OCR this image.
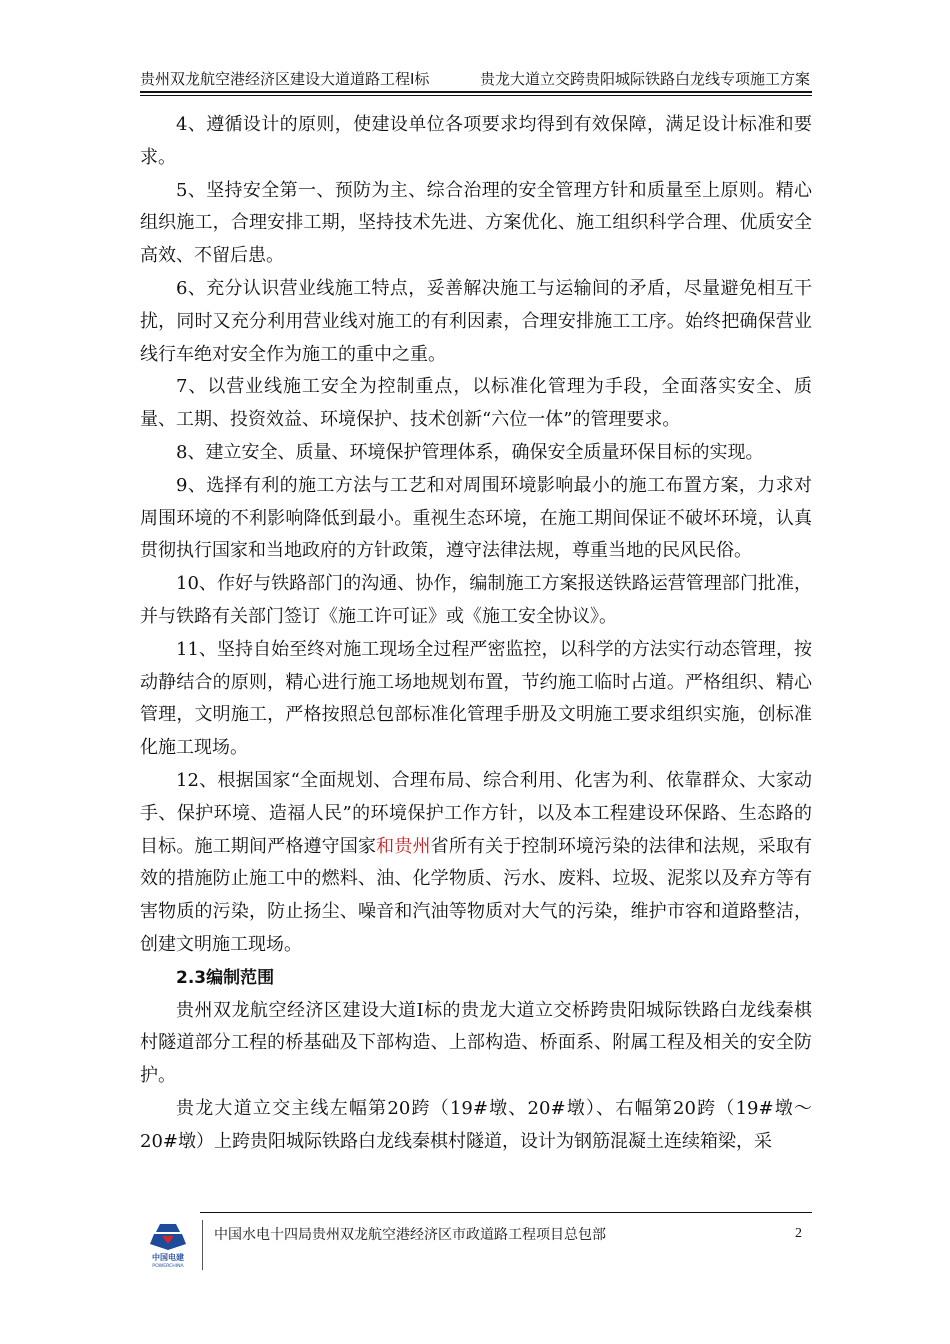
贵州双龙航空港经济区建设大道道路工程Ⅰ标	贵龙大道立交跨贵阳城际铁路白龙线专项施工方案

4、遵循设计的原则，使建设单位各项要求均得到有效保障，满足设计标准和要求。

5、坚持安全第一、预防为主、综合治理的安全管理方针和质量至上原则。精心组织施工，合理安排工期，坚持技术先进、方案优化、施工组织科学合理、优质安全高效、不留后患。

6、充分认识营业线施工特点，妥善解决施工与运输间的矛盾，尽量避免相互干扰，同时又充分利用营业线对施工的有利因素，合理安排施工工序。始终把确保营业线行车绝对安全作为施工的重中之重。

7、以营业线施工安全为控制重点，以标准化管理为手段，全面落实安全、质量、工期、投资效益、环境保护、技术创新“六位一体”的管理要求。

8、建立安全、质量、环境保护管理体系，确保安全质量环保目标的实现。

9、选择有利的施工方法与工艺和对周围环境影响最小的施工布置方案，力求对周围环境的不利影响降低到最小。重视生态环境，在施工期间保证不破坏环境，认真贯彻执行国家和当地政府的方针政策，遵守法律法规，尊重当地的民风民俗。

10、作好与铁路部门的沟通、协作，编制施工方案报送铁路运营管理部门批准，并与铁路有关部门签订《施工许可证》或《施工安全协议》。

11、坚持自始至终对施工现场全过程严密监控，以科学的方法实行动态管理，按动静结合的原则，精心进行施工场地规划布置，节约施工临时占道。严格组织、精心管理，文明施工，严格按照总包部标准化管理手册及文明施工要求组织实施，创标准化施工现场。

12、根据国家“全面规划、合理布局、综合利用、化害为利、依靠群众、大家动手、保护环境、造福人民”的环境保护工作方针，以及本工程建设环保路、生态路的目标。施工期间严格遵守国家和贵州省所有关于控制环境污染的法律和法规，采取有效的措施防止施工中的燃料、油、化学物质、污水、废料、垃圾、泥浆以及弃方等有害物质的污染，防止扬尘、噪音和汽油等物质对大气的污染，维护市容和道路整洁，创建文明施工现场。

2.3编制范围

贵州双龙航空经济区建设大道Ⅰ标的贵龙大道立交桥跨贵阳城际铁路白龙线秦棋村隧道部分工程的桥基础及下部构造、上部构造、桥面系、附属工程及相关的安全防护。

贵龙大道立交主线左幅第20跨（19#墩、20#墩）、右幅第20跨（19#墩～20#墩）上跨贵阳城际铁路白龙线秦棋村隧道，设计为钢筋混凝土连续箱梁，采

中国电建
POWERCHINA
中国水电十四局贵州双龙航空港经济区市政道路工程项目总包部	2
